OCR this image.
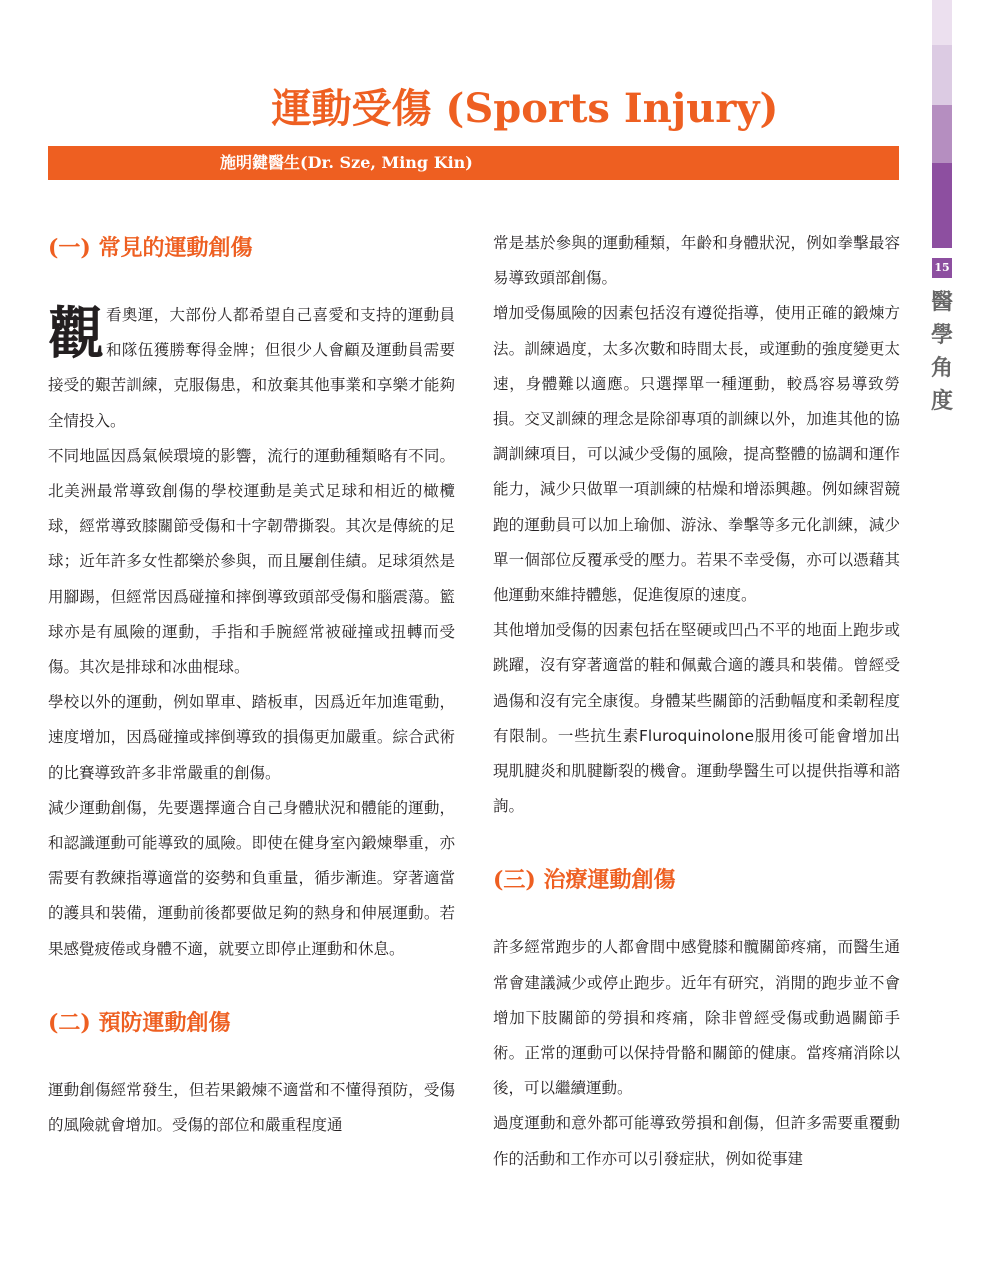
15
醫學角度
運動受傷 (Sports Injury)
施明鍵醫生(Dr. Sze, Ming Kin)
(一) 常見的運動創傷

觀看奧運，大部份人都希望自己喜愛和支持的運動員和隊伍獲勝奪得金牌；但很少人會顧及運動員需要接受的艱苦訓練，克服傷患，和放棄其他事業和享樂才能夠全情投入。

不同地區因爲氣候環境的影響，流行的運動種類略有不同。北美洲最常導致創傷的學校運動是美式足球和相近的橄欖球，經常導致膝關節受傷和十字韌帶撕裂。其次是傳統的足球；近年許多女性都樂於參與，而且屢創佳績。足球須然是用腳踢，但經常因爲碰撞和摔倒導致頭部受傷和腦震蕩。籃球亦是有風險的運動，手指和手腕經常被碰撞或扭轉而受傷。其次是排球和冰曲棍球。

學校以外的運動，例如單車、踏板車，因爲近年加進電動，速度增加，因爲碰撞或摔倒導致的損傷更加嚴重。綜合武術的比賽導致許多非常嚴重的創傷。

減少運動創傷，先要選擇適合自己身體狀況和體能的運動，和認識運動可能導致的風險。即使在健身室內鍛煉舉重，亦需要有教練指導適當的姿勢和負重量，循步漸進。穿著適當的護具和裝備，運動前後都要做足夠的熱身和伸展運動。若果感覺疲倦或身體不適，就要立即停止運動和休息。

(二) 預防運動創傷

運動創傷經常發生，但若果鍛煉不適當和不懂得預防，受傷的風險就會增加。受傷的部位和嚴重程度通

常是基於參與的運動種類，年齡和身體狀況，例如拳擊最容易導致頭部創傷。

增加受傷風險的因素包括沒有遵從指導，使用正確的鍛煉方法。訓練過度，太多次數和時間太長，或運動的強度變更太速，身體難以適應。只選擇單一種運動，較爲容易導致勞損。交叉訓練的理念是除卻專項的訓練以外，加進其他的協調訓練項目，可以減少受傷的風險，提高整體的協調和運作能力，減少只做單一項訓練的枯燥和增添興趣。例如練習競跑的運動員可以加上瑜伽、游泳、拳擊等多元化訓練，減少單一個部位反覆承受的壓力。若果不幸受傷，亦可以憑藉其他運動來維持體態，促進復原的速度。

其他增加受傷的因素包括在堅硬或凹凸不平的地面上跑步或跳躍，沒有穿著適當的鞋和佩戴合適的護具和裝備。曾經受過傷和沒有完全康復。身體某些關節的活動幅度和柔韌程度有限制。一些抗生素Fluroquinolone服用後可能會增加出現肌腱炎和肌腱斷裂的機會。運動學醫生可以提供指導和諮詢。

(三) 治療運動創傷

許多經常跑步的人都會間中感覺膝和髖關節疼痛，而醫生通常會建議減少或停止跑步。近年有研究，消閒的跑步並不會增加下肢關節的勞損和疼痛，除非曾經受傷或動過關節手術。正常的運動可以保持骨骼和關節的健康。當疼痛消除以後，可以繼續運動。

過度運動和意外都可能導致勞損和創傷，但許多需要重覆動作的活動和工作亦可以引發症狀，例如從事建
